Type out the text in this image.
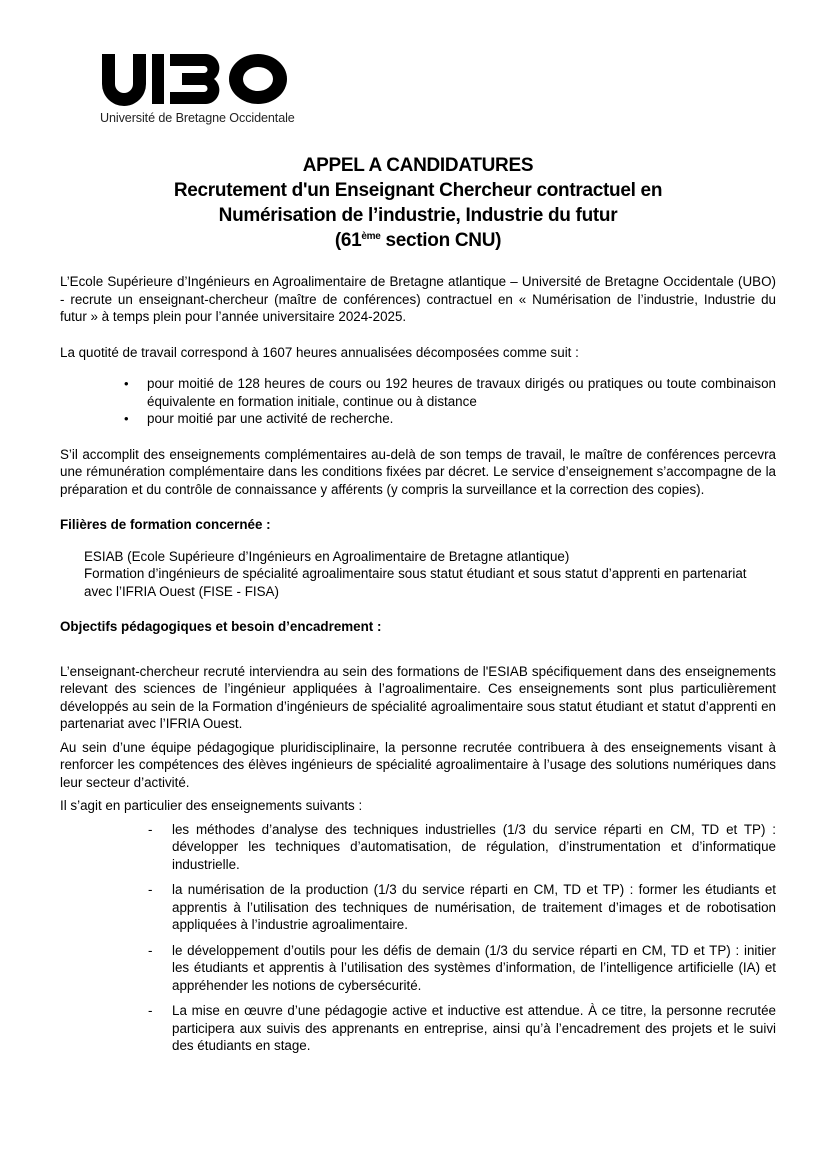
Université de Bretagne Occidentale
APPEL A CANDIDATURES
Recrutement d'un Enseignant Chercheur contractuel en
Numérisation de l’industrie, Industrie du futur
(61ème section CNU)

L’Ecole Supérieure d’Ingénieurs en Agroalimentaire de Bretagne atlantique – Université de Bretagne Occidentale (UBO) - recrute un enseignant-chercheur (maître de conférences) contractuel en « Numérisation de l’industrie, Industrie du futur » à temps plein pour l’année universitaire 2024-2025.

La quotité de travail correspond à 1607 heures annualisées décomposées comme suit :

• pour moitié de 128 heures de cours ou 192 heures de travaux dirigés ou pratiques ou toute combinaison équivalente en formation initiale, continue ou à distance
• pour moitié par une activité de recherche.

S’il accomplit des enseignements complémentaires au-delà de son temps de travail, le maître de conférences percevra une rémunération complémentaire dans les conditions fixées par décret. Le service d’enseignement s’accompagne de la préparation et du contrôle de connaissance y afférents (y compris la surveillance et la correction des copies).

Filières de formation concernée :

ESIAB (Ecole Supérieure d’Ingénieurs en Agroalimentaire de Bretagne atlantique)
Formation d’ingénieurs de spécialité agroalimentaire sous statut étudiant et sous statut d’apprenti en partenariat avec l’IFRIA Ouest (FISE - FISA)

Objectifs pédagogiques et besoin d’encadrement :

L’enseignant-chercheur recruté interviendra au sein des formations de l'ESIAB spécifiquement dans des enseignements relevant des sciences de l’ingénieur appliquées à l’agroalimentaire. Ces enseignements sont plus particulièrement développés au sein de la Formation d’ingénieurs de spécialité agroalimentaire sous statut étudiant et statut d’apprenti en partenariat avec l’IFRIA Ouest.

Au sein d’une équipe pédagogique pluridisciplinaire, la personne recrutée contribuera à des enseignements visant à renforcer les compétences des élèves ingénieurs de spécialité agroalimentaire à l’usage des solutions numériques dans leur secteur d’activité.

Il s’agit en particulier des enseignements suivants :

- les méthodes d’analyse des techniques industrielles (1/3 du service réparti en CM, TD et TP) : développer les techniques d’automatisation, de régulation, d’instrumentation et d’informatique industrielle.
- la numérisation de la production (1/3 du service réparti en CM, TD et TP) : former les étudiants et apprentis à l’utilisation des techniques de numérisation, de traitement d’images et de robotisation appliquées à l’industrie agroalimentaire.
- le développement d’outils pour les défis de demain (1/3 du service réparti en CM, TD et TP) : initier les étudiants et apprentis à l’utilisation des systèmes d’information, de l’intelligence artificielle (IA) et appréhender les notions de cybersécurité.
- La mise en œuvre d’une pédagogie active et inductive est attendue. À ce titre, la personne recrutée participera aux suivis des apprenants en entreprise, ainsi qu’à l’encadrement des projets et le suivi des étudiants en stage.
